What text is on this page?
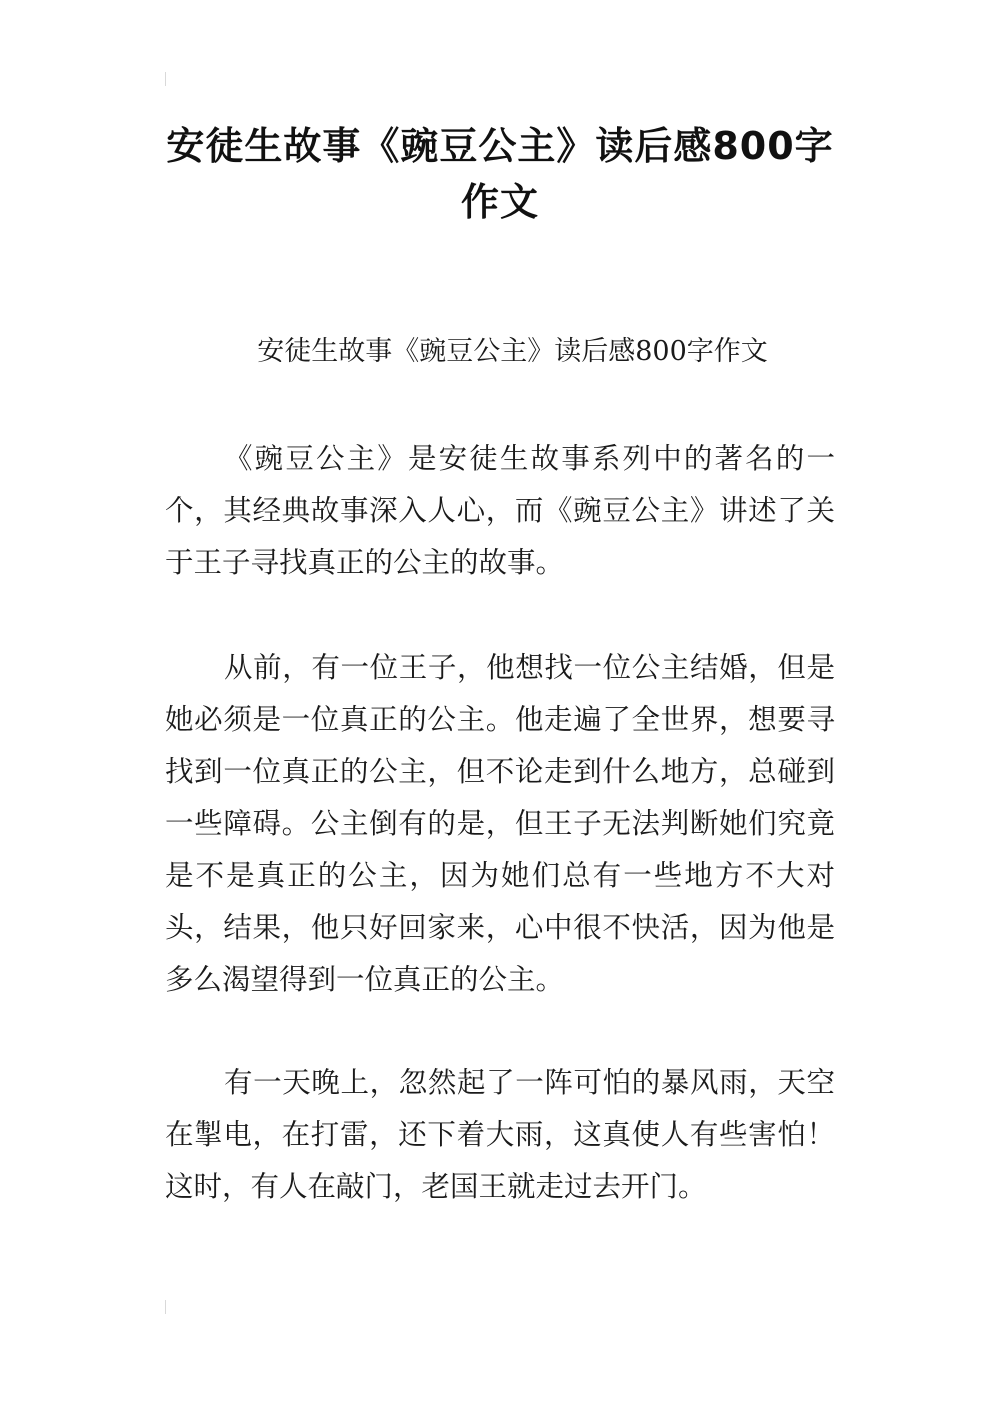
安徒生故事《豌豆公主》读后感800字作文
安徒生故事《豌豆公主》读后感800字作文

《豌豆公主》是安徒生故事系列中的著名的一个，其经典故事深入人心，而《豌豆公主》讲述了关于王子寻找真正的公主的故事。

从前，有一位王子，他想找一位公主结婚，但是她必须是一位真正的公主。他走遍了全世界，想要寻找到一位真正的公主，但不论走到什么地方，总碰到一些障碍。公主倒有的是，但王子无法判断她们究竟是不是真正的公主，因为她们总有一些地方不大对头，结果，他只好回家来，心中很不快活，因为他是多么渴望得到一位真正的公主。

有一天晚上，忽然起了一阵可怕的暴风雨，天空在掣电，在打雷，还下着大雨，这真使人有些害怕！这时，有人在敲门，老国王就走过去开门。
